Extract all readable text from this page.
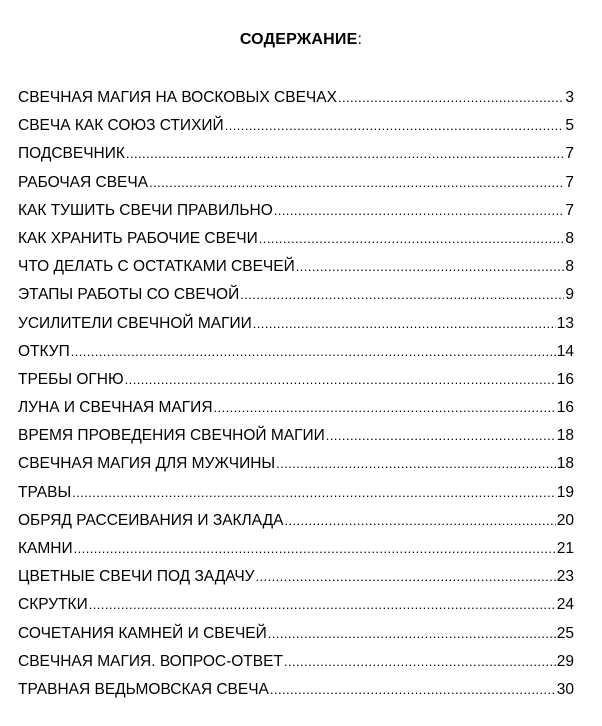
СОДЕРЖАНИЕ:
СВЕЧНАЯ МАГИЯ НА ВОСКОВЫХ СВЕЧАХ . . .	3
СВЕЧА КАК СОЮЗ СТИХИЙ . . .	5
ПОДСВЕЧНИК . . .	7
РАБОЧАЯ СВЕЧА . . .	7
КАК ТУШИТЬ СВЕЧИ ПРАВИЛЬНО . . .	7
КАК ХРАНИТЬ РАБОЧИЕ СВЕЧИ . . .	8
ЧТО ДЕЛАТЬ С ОСТАТКАМИ СВЕЧЕЙ . . .	8
ЭТАПЫ РАБОТЫ СО СВЕЧОЙ . . .	9
УСИЛИТЕЛИ СВЕЧНОЙ МАГИИ . . .	13
ОТКУП . . .	14
ТРЕБЫ ОГНЮ . . .	16
ЛУНА И СВЕЧНАЯ МАГИЯ . . .	16
ВРЕМЯ ПРОВЕДЕНИЯ СВЕЧНОЙ МАГИИ . . .	18
СВЕЧНАЯ МАГИЯ ДЛЯ МУЖЧИНЫ . . .	18
ТРАВЫ . . .	19
ОБРЯД РАССЕИВАНИЯ И ЗАКЛАДА . . .	20
КАМНИ . . .	21
ЦВЕТНЫЕ СВЕЧИ ПОД ЗАДАЧУ . . .	23
СКРУТКИ . . .	24
СОЧЕТАНИЯ КАМНЕЙ И СВЕЧЕЙ . . .	25
СВЕЧНАЯ МАГИЯ. ВОПРОС-ОТВЕТ . . .	29
ТРАВНАЯ ВЕДЬМОВСКАЯ СВЕЧА . . .	30
